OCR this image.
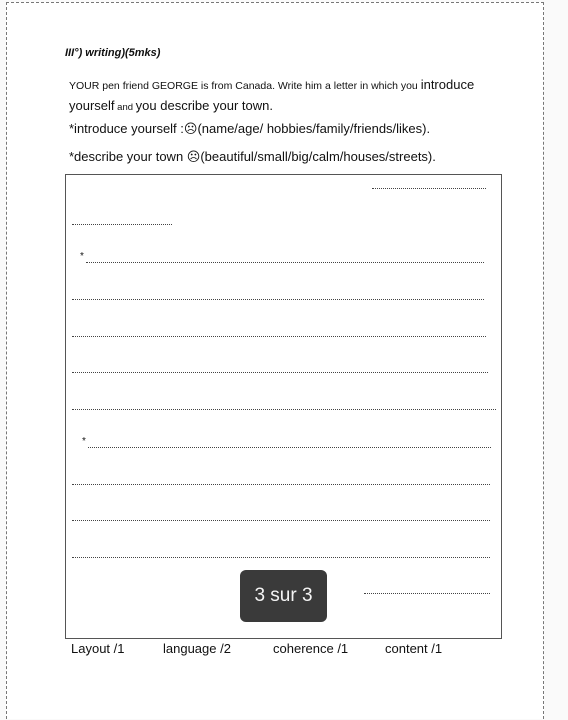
III°) writing)(5mks)
YOUR pen friend GEORGE is from Canada. Write him a letter in which you introduce
yourself and you describe your town.
*introduce yourself :☹(name/age/ hobbies/family/friends/likes).
*describe your town ☹(beautiful/small/big/calm/houses/streets).
*
*
Layout /1	language /2	coherence /1	content /1
3 sur 3
